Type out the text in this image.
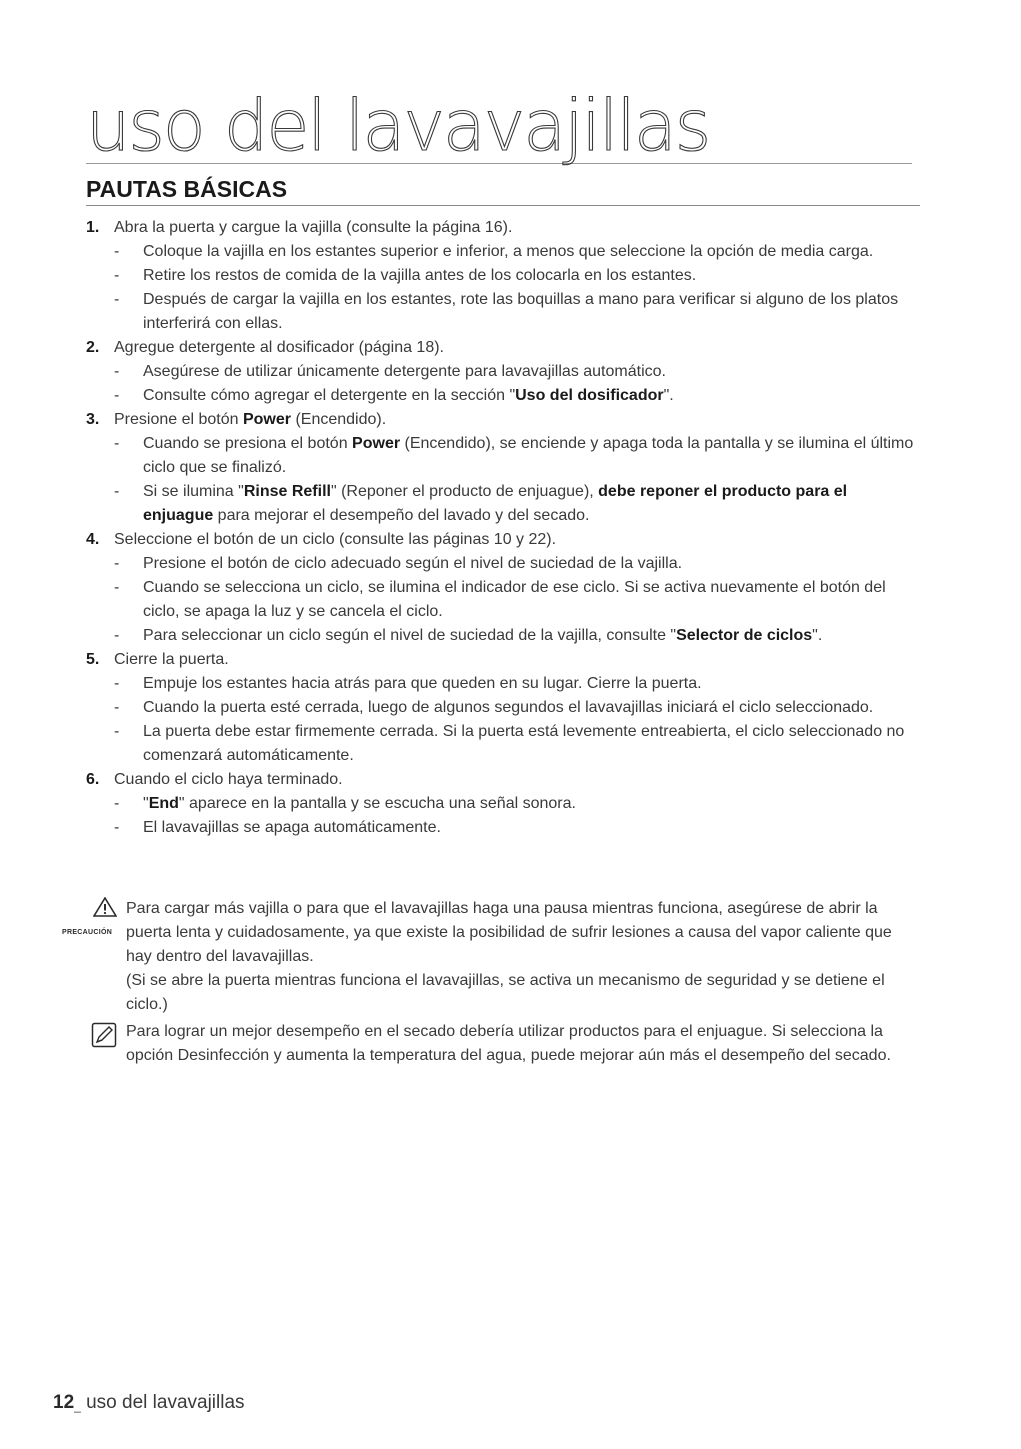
uso del lavavajillas
PAUTAS BÁSICAS
1. Abra la puerta y cargue la vajilla (consulte la página 16).
- Coloque la vajilla en los estantes superior e inferior, a menos que seleccione la opción de media carga.
- Retire los restos de comida de la vajilla antes de los colocarla en los estantes.
- Después de cargar la vajilla en los estantes, rote las boquillas a mano para verificar si alguno de los platos interferirá con ellas.
2. Agregue detergente al dosificador (página 18).
- Asegúrese de utilizar únicamente detergente para lavavajillas automático.
- Consulte cómo agregar el detergente en la sección "Uso del dosificador".
3. Presione el botón Power (Encendido).
- Cuando se presiona el botón Power (Encendido), se enciende y apaga toda la pantalla y se ilumina el último ciclo que se finalizó.
- Si se ilumina "Rinse Refill" (Reponer el producto de enjuague), debe reponer el producto para el enjuague para mejorar el desempeño del lavado y del secado.
4. Seleccione el botón de un ciclo (consulte las páginas 10 y 22).
- Presione el botón de ciclo adecuado según el nivel de suciedad de la vajilla.
- Cuando se selecciona un ciclo, se ilumina el indicador de ese ciclo. Si se activa nuevamente el botón del ciclo, se apaga la luz y se cancela el ciclo.
- Para seleccionar un ciclo según el nivel de suciedad de la vajilla, consulte "Selector de ciclos".
5. Cierre la puerta.
- Empuje los estantes hacia atrás para que queden en su lugar. Cierre la puerta.
- Cuando la puerta esté cerrada, luego de algunos segundos el lavavajillas iniciará el ciclo seleccionado.
- La puerta debe estar firmemente cerrada. Si la puerta está levemente entreabierta, el ciclo seleccionado no comenzará automáticamente.
6. Cuando el ciclo haya terminado.
- "End" aparece en la pantalla y se escucha una señal sonora.
- El lavavajillas se apaga automáticamente.
PRECAUCIÓN
Para cargar más vajilla o para que el lavavajillas haga una pausa mientras funciona, asegúrese de abrir la puerta lenta y cuidadosamente, ya que existe la posibilidad de sufrir lesiones a causa del vapor caliente que hay dentro del lavavajillas.
(Si se abre la puerta mientras funciona el lavavajillas, se activa un mecanismo de seguridad y se detiene el ciclo.)
Para lograr un mejor desempeño en el secado debería utilizar productos para el enjuague. Si selecciona la opción Desinfección y aumenta la temperatura del agua, puede mejorar aún más el desempeño del secado.
12_ uso del lavavajillas
